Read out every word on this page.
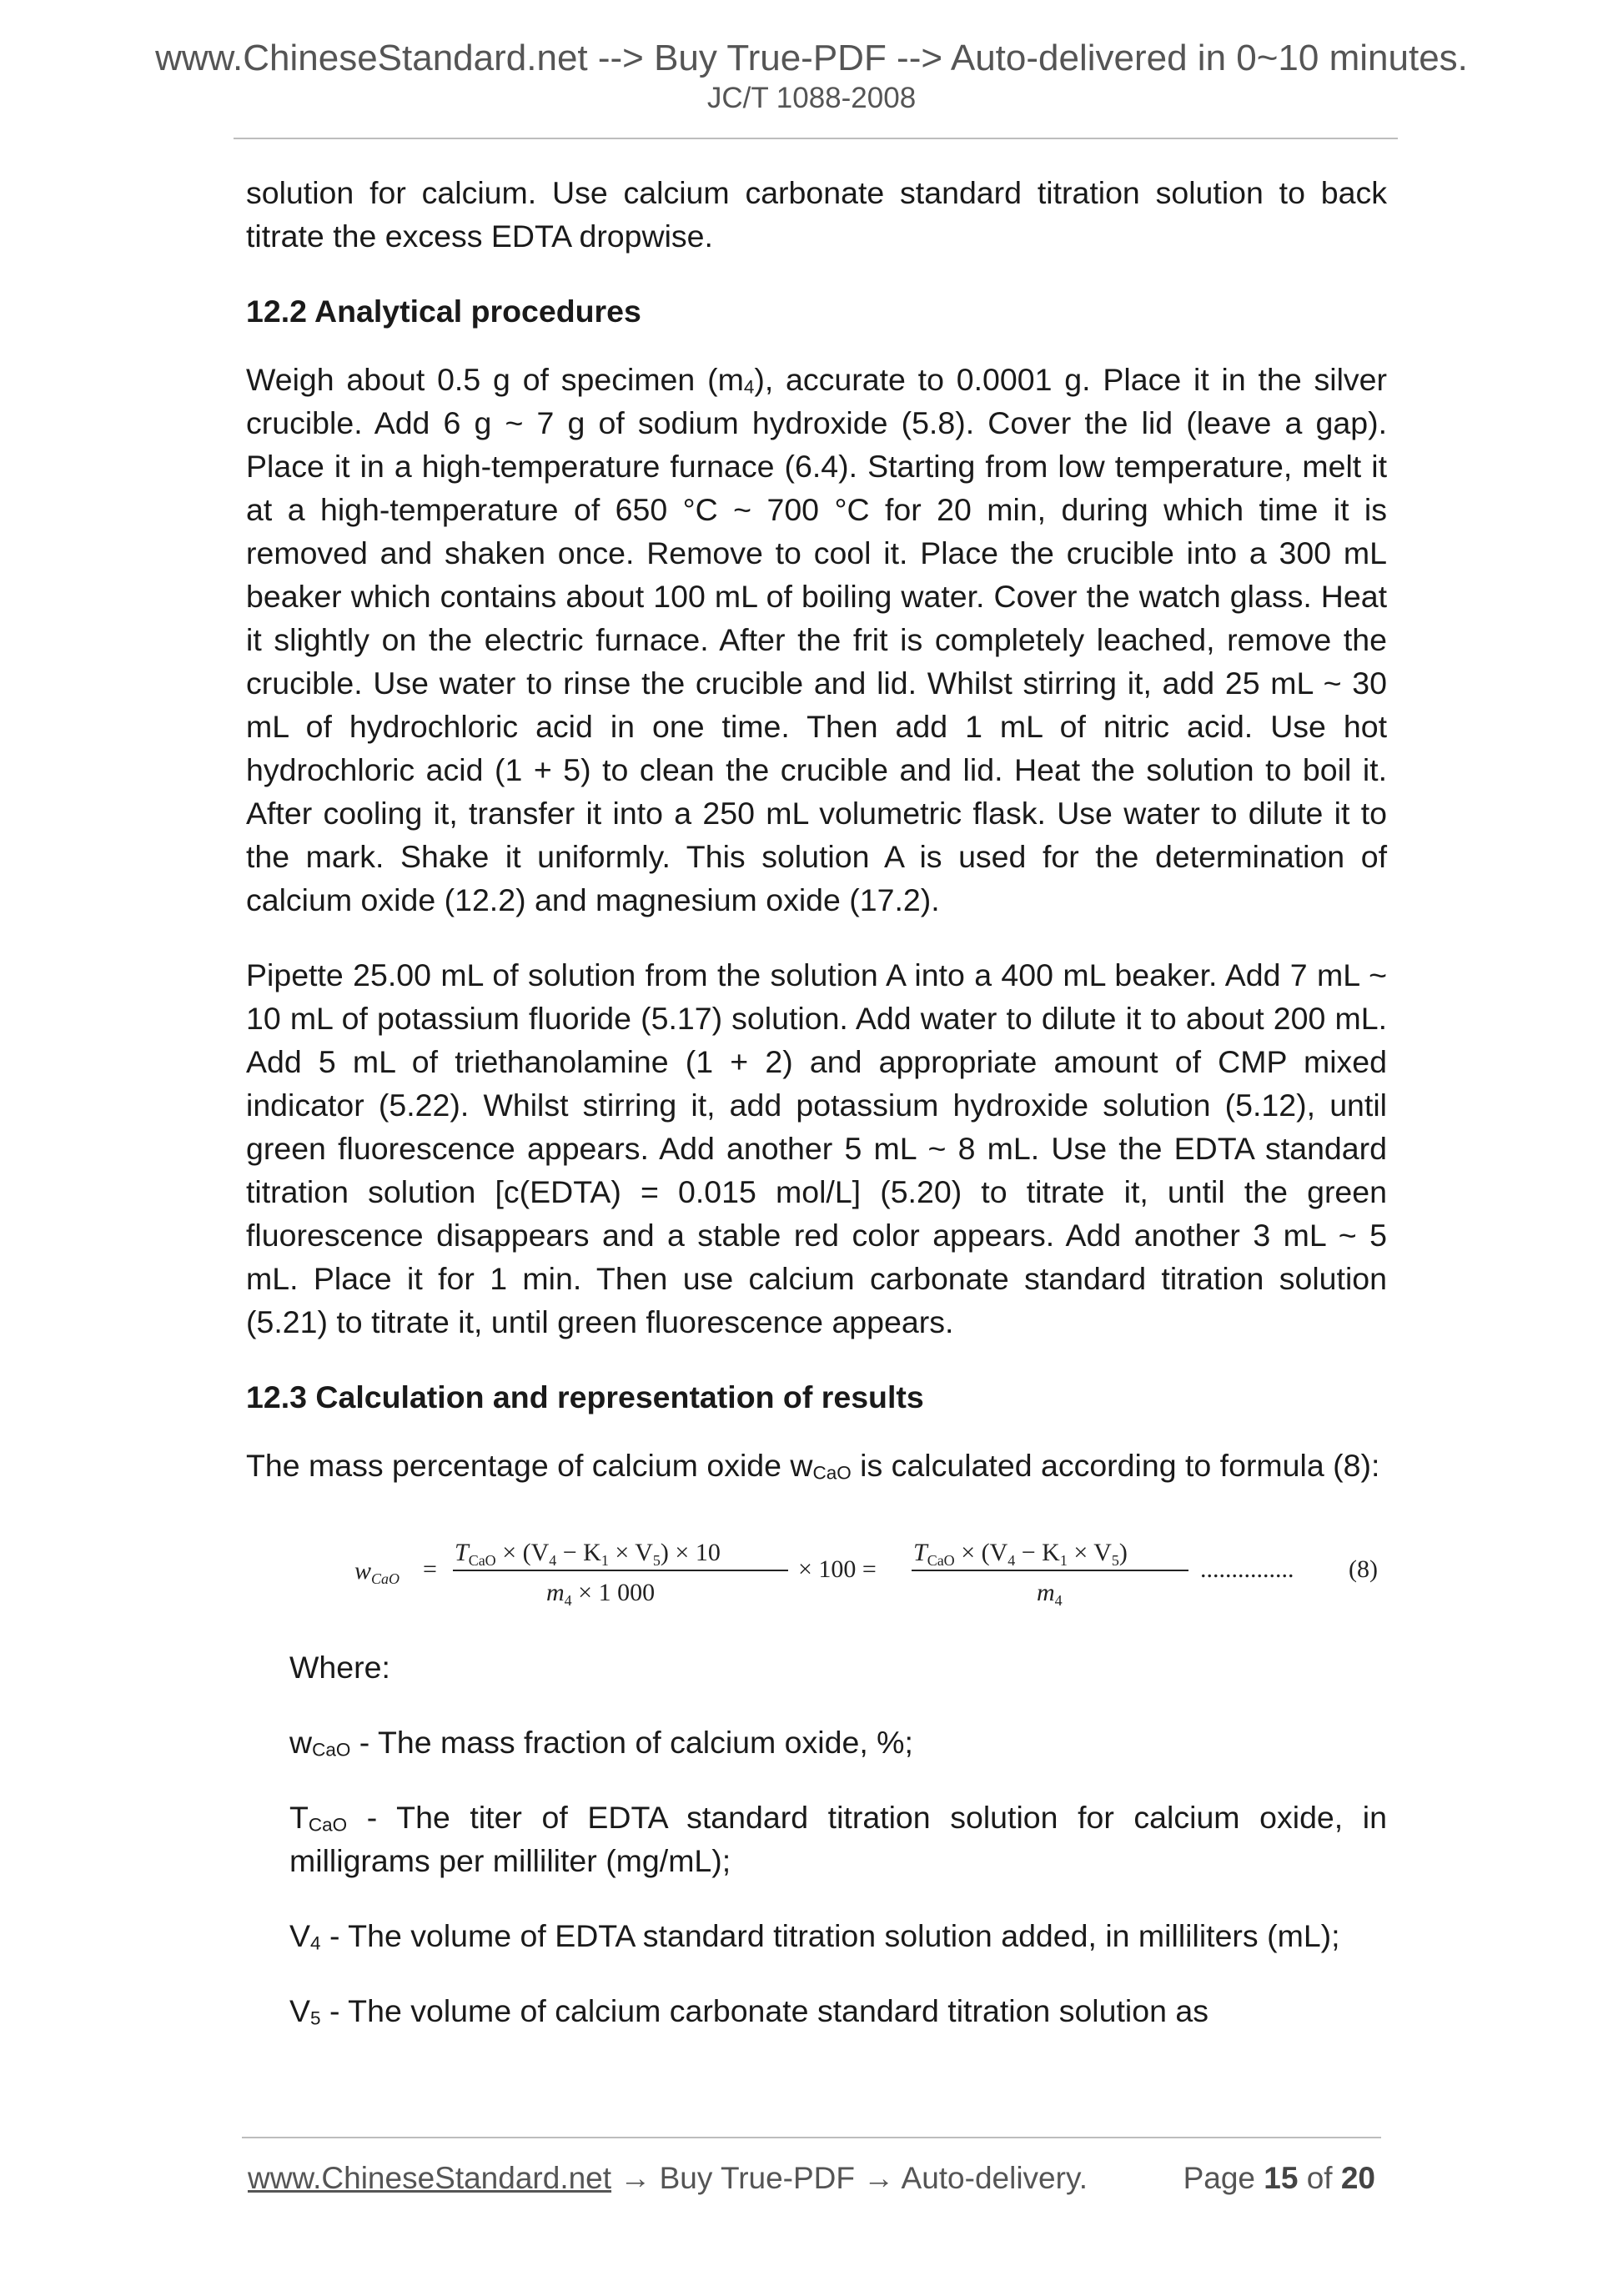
www.ChineseStandard.net --> Buy True-PDF --> Auto-delivered in 0~10 minutes.
JC/T 1088-2008

solution for calcium. Use calcium carbonate standard titration solution to back titrate the excess EDTA dropwise.

12.2 Analytical procedures

Weigh about 0.5 g of specimen $(m_4)$, accurate to 0.0001 g. Place it in the silver crucible. Add 6 g ~ 7 g of sodium hydroxide (5.8). Cover the lid (leave a gap). Place it in a high-temperature furnace (6.4). Starting from low temperature, melt it at a high-temperature of 650 °C ~ 700 °C for 20 min, during which time it is removed and shaken once. Remove to cool it. Place the crucible into a 300 mL beaker which contains about 100 mL of boiling water. Cover the watch glass. Heat it slightly on the electric furnace. After the frit is completely leached, remove the crucible. Use water to rinse the crucible and lid. Whilst stirring it, add 25 mL ~ 30 mL of hydrochloric acid in one time. Then add 1 mL of nitric acid. Use hot hydrochloric acid (1 + 5) to clean the crucible and lid. Heat the solution to boil it. After cooling it, transfer it into a 250 mL volumetric flask. Use water to dilute it to the mark. Shake it uniformly. This solution A is used for the determination of calcium oxide (12.2) and magnesium oxide (17.2).

Pipette 25.00 mL of solution from the solution A into a 400 mL beaker. Add 7 mL ~ 10 mL of potassium fluoride (5.17) solution. Add water to dilute it to about 200 mL. Add 5 mL of triethanolamine (1 + 2) and appropriate amount of CMP mixed indicator (5.22). Whilst stirring it, add potassium hydroxide solution (5.12), until green fluorescence appears. Add another 5 mL ~ 8 mL. Use the EDTA standard titration solution [c(EDTA) = 0.015 mol/L] (5.20) to titrate it, until the green fluorescence disappears and a stable red color appears. Add another 3 mL ~ 5 mL. Place it for 1 min. Then use calcium carbonate standard titration solution (5.21) to titrate it, until green fluorescence appears.

12.3 Calculation and representation of results

The mass percentage of calcium oxide $w_{CaO}$ is calculated according to formula (8):

$w_{CaO}$ =
$T_{CaO} \times (V_4 - K_1 \times V_5) \times 10$
$m_4 \times 1$ 000
× 100 =
$T_{CaO} \times (V_4 - K_1 \times V_5)$
$m_4$
............... (8)

Where:

$w_{CaO}$ - The mass fraction of calcium oxide, %;
$T_{CaO}$ - The titer of EDTA standard titration solution for calcium oxide, in milligrams per milliliter (mg/mL);
$V_4$ - The volume of EDTA standard titration solution added, in milliliters (mL);
$V_5$ - The volume of calcium carbonate standard titration solution as
www.ChineseStandard.net → Buy True-PDF → Auto-delivery.	Page 15 of 20
